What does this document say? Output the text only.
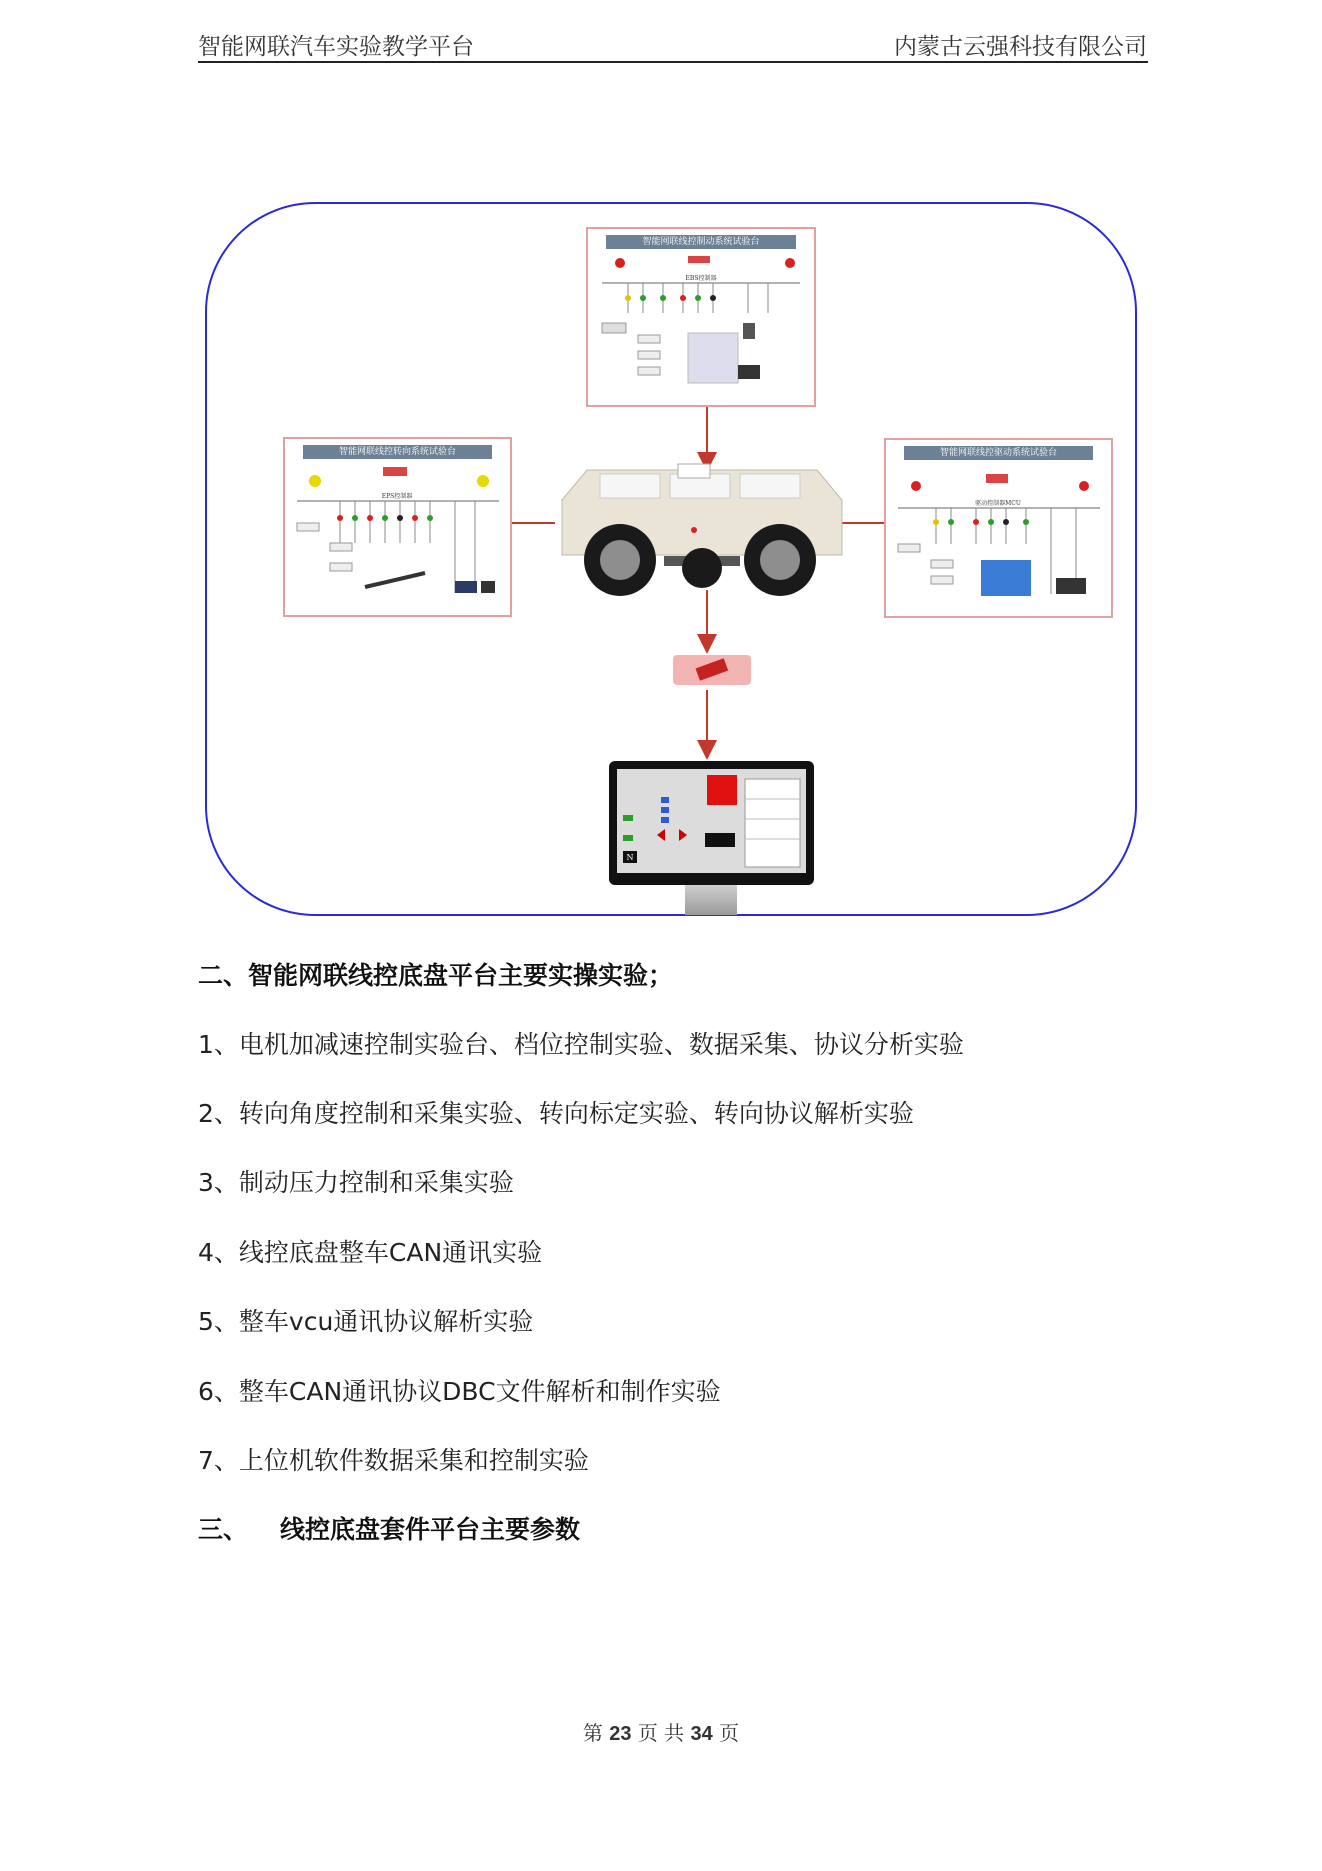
智能网联汽车实验教学平台	内蒙古云强科技有限公司
智能网联线控制动系统试验台
EBS控制器
智能网联线控转向系统试验台
EPS控制器
智能网联线控驱动系统试验台
驱动控制器MCU
N
二、智能网联线控底盘平台主要实操实验；
1、电机加减速控制实验台、档位控制实验、数据采集、协议分析实验
2、转向角度控制和采集实验、转向标定实验、转向协议解析实验
3、制动压力控制和采集实验
4、线控底盘整车CAN通讯实验
5、整车vcu通讯协议解析实验
6、整车CAN通讯协议DBC文件解析和制作实验
7、上位机软件数据采集和控制实验
三、 线控底盘套件平台主要参数
第 23 页 共 34 页
